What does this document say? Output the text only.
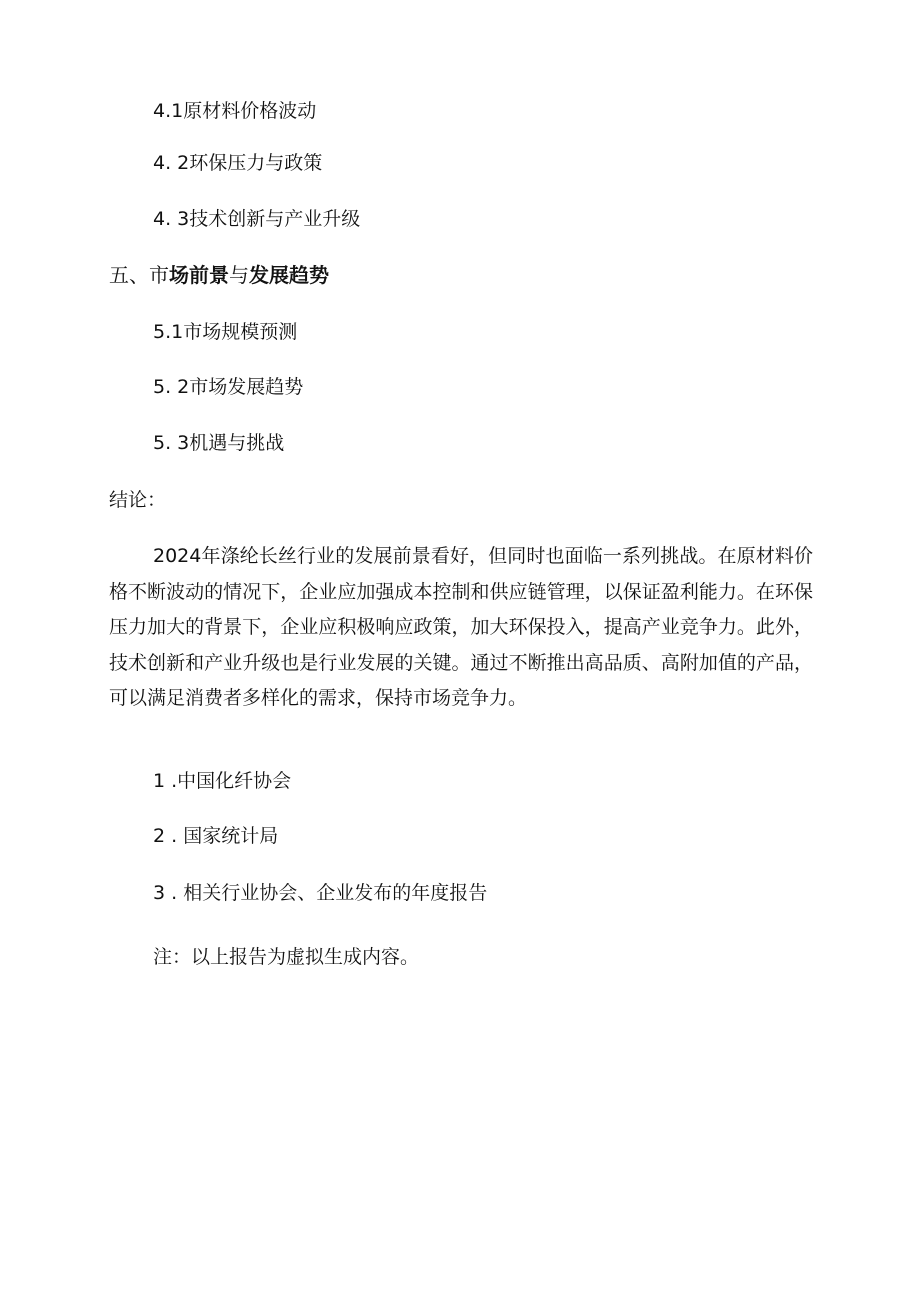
4.1原材料价格波动

4. 2环保压力与政策

4. 3技术创新与产业升级

五、市场前景与发展趋势

5.1市场规模预测

5. 2市场发展趋势

5. 3机遇与挑战

结论：

2024年涤纶长丝行业的发展前景看好，但同时也面临一系列挑战。在原材料价格不断波动的情况下，企业应加强成本控制和供应链管理，以保证盈利能力。在环保压力加大的背景下，企业应积极响应政策，加大环保投入，提高产业竞争力。此外，技术创新和产业升级也是行业发展的关键。通过不断推出高品质、高附加值的产品，可以满足消费者多样化的需求，保持市场竞争力。

1 .中国化纤协会

2 . 国家统计局

3 . 相关行业协会、企业发布的年度报告

注：以上报告为虚拟生成内容。
